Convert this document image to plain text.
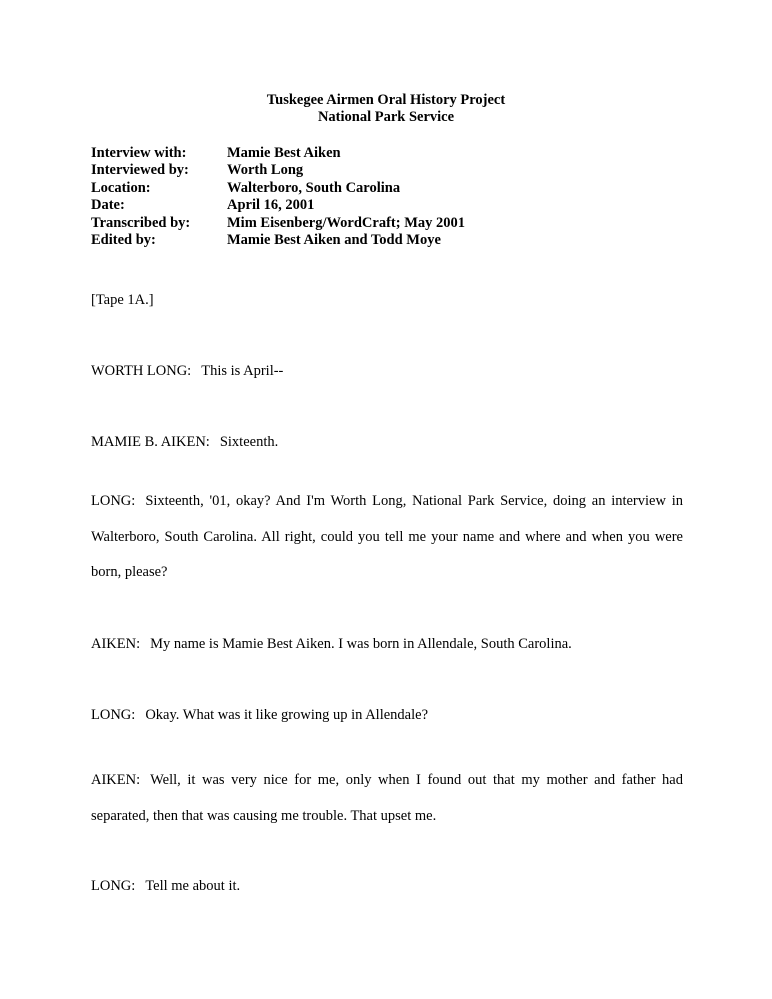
Tuskegee Airmen Oral History Project
National Park Service
Interview with:	Mamie Best Aiken
Interviewed by:	Worth Long
Location:	Walterboro, South Carolina
Date:	April 16, 2001
Transcribed by:	Mim Eisenberg/WordCraft; May 2001
Edited by:	Mamie Best Aiken and Todd Moye
[Tape 1A.]

WORTH LONG: This is April--

MAMIE B. AIKEN: Sixteenth.

LONG: Sixteenth, '01, okay? And I'm Worth Long, National Park Service, doing an interview in Walterboro, South Carolina. All right, could you tell me your name and where and when you were born, please?

AIKEN: My name is Mamie Best Aiken. I was born in Allendale, South Carolina.

LONG: Okay. What was it like growing up in Allendale?

AIKEN: Well, it was very nice for me, only when I found out that my mother and father had separated, then that was causing me trouble. That upset me.

LONG: Tell me about it.
